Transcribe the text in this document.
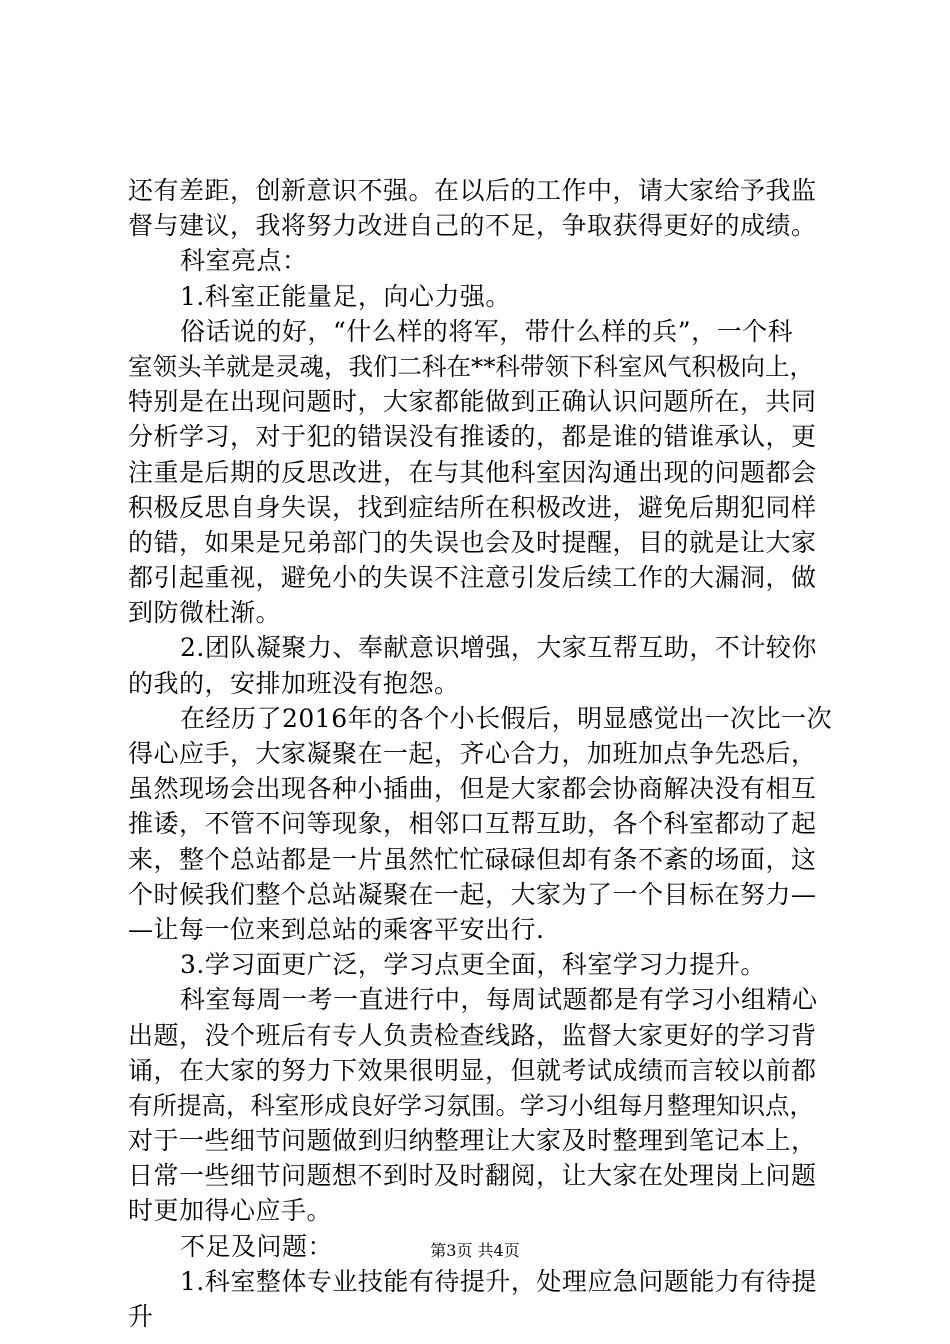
还有差距，创新意识不强。在以后的工作中，请大家给予我监
督与建议，我将努力改进自己的不足，争取获得更好的成绩。
科室亮点：
1.科室正能量足，向心力强。
俗话说的好，“什么样的将军，带什么样的兵”，一个科
室领头羊就是灵魂，我们二科在**科带领下科室风气积极向上，
特别是在出现问题时，大家都能做到正确认识问题所在，共同
分析学习，对于犯的错误没有推诿的，都是谁的错谁承认，更
注重是后期的反思改进，在与其他科室因沟通出现的问题都会
积极反思自身失误，找到症结所在积极改进，避免后期犯同样
的错，如果是兄弟部门的失误也会及时提醒，目的就是让大家
都引起重视，避免小的失误不注意引发后续工作的大漏洞，做
到防微杜渐。
2.团队凝聚力、奉献意识增强，大家互帮互助，不计较你
的我的，安排加班没有抱怨。
在经历了2016年的各个小长假后，明显感觉出一次比一次
得心应手，大家凝聚在一起，齐心合力，加班加点争先恐后，
虽然现场会出现各种小插曲，但是大家都会协商解决没有相互
推诿，不管不问等现象，相邻口互帮互助，各个科室都动了起
来，整个总站都是一片虽然忙忙碌碌但却有条不紊的场面，这
个时候我们整个总站凝聚在一起，大家为了一个目标在努力—
—让每一位来到总站的乘客平安出行.
3.学习面更广泛，学习点更全面，科室学习力提升。
科室每周一考一直进行中，每周试题都是有学习小组精心
出题，没个班后有专人负责检查线路，监督大家更好的学习背
诵，在大家的努力下效果很明显，但就考试成绩而言较以前都
有所提高，科室形成良好学习氛围。学习小组每月整理知识点，
对于一些细节问题做到归纳整理让大家及时整理到笔记本上，
日常一些细节问题想不到时及时翻阅，让大家在处理岗上问题
时更加得心应手。
不足及问题：
1.科室整体专业技能有待提升，处理应急问题能力有待提
升
第3页 共4页
